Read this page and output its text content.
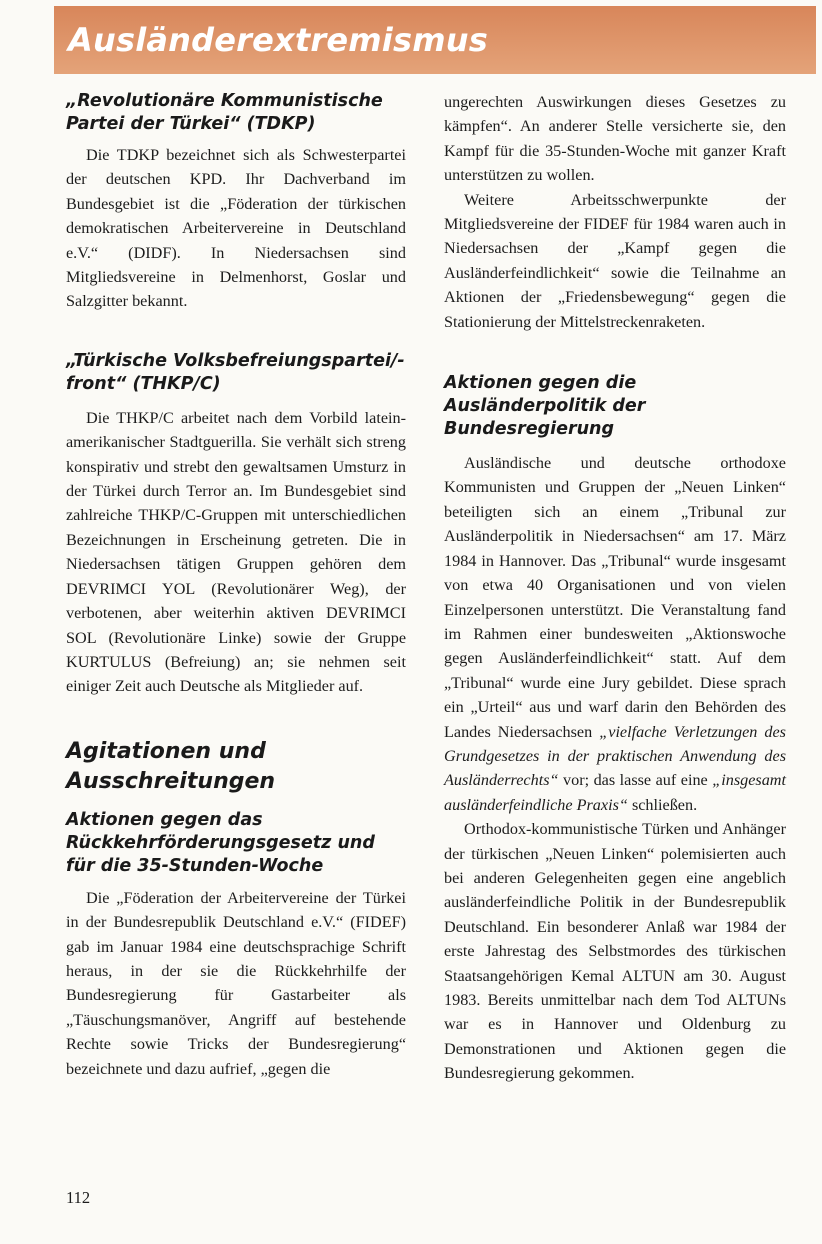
Ausländerextremismus
„Revolutionäre Kommunistische Partei der Türkei“ (TDKP)

Die TDKP bezeichnet sich als Schwesterpartei der deutschen KPD. Ihr Dachverband im Bundesgebiet ist die „Föderation der türkischen demokratischen Arbeitervereine in Deutschland e.V.“ (DIDF). In Niedersachsen sind Mitgliedsvereine in Delmenhorst, Goslar und Salzgitter bekannt.

„Türkische Volksbefreiungspartei/-front“ (THKP/C)

Die THKP/C arbeitet nach dem Vorbild latein-amerikanischer Stadtguerilla. Sie verhält sich streng konspirativ und strebt den gewaltsamen Umsturz in der Türkei durch Terror an. Im Bundesgebiet sind zahlreiche THKP/C-Gruppen mit unterschiedlichen Bezeichnungen in Erscheinung getreten. Die in Niedersachsen tätigen Gruppen gehören dem DEVRIMCI YOL (Revolutionärer Weg), der verbotenen, aber weiterhin aktiven DEVRIMCI SOL (Revolutionäre Linke) sowie der Gruppe KURTULUS (Befreiung) an; sie nehmen seit einiger Zeit auch Deutsche als Mitglieder auf.

Agitationen und Ausschreitungen
Aktionen gegen das Rückkehrförderungsgesetz und für die 35-Stunden-Woche

Die „Föderation der Arbeitervereine der Türkei in der Bundesrepublik Deutschland e.V.“ (FIDEF) gab im Januar 1984 eine deutschsprachige Schrift heraus, in der sie die Rückkehrhilfe der Bundesregierung für Gastarbeiter als „Täuschungsmanöver, Angriff auf bestehende Rechte sowie Tricks der Bundesregierung“ bezeichnete und dazu aufrief, „gegen die

ungerechten Auswirkungen dieses Gesetzes zu kämpfen“. An anderer Stelle versicherte sie, den Kampf für die 35-Stunden-Woche mit ganzer Kraft unterstützen zu wollen.

Weitere Arbeitsschwerpunkte der Mitgliedsvereine der FIDEF für 1984 waren auch in Niedersachsen der „Kampf gegen die Ausländerfeindlichkeit“ sowie die Teilnahme an Aktionen der „Friedensbewegung“ gegen die Stationierung der Mittelstreckenraketen.

Aktionen gegen die Ausländerpolitik der Bundesregierung

Ausländische und deutsche orthodoxe Kommunisten und Gruppen der „Neuen Linken“ beteiligten sich an einem „Tribunal zur Ausländerpolitik in Niedersachsen“ am 17. März 1984 in Hannover. Das „Tribunal“ wurde insgesamt von etwa 40 Organisationen und von vielen Einzelpersonen unterstützt. Die Veranstaltung fand im Rahmen einer bundesweiten „Aktionswoche gegen Ausländerfeindlichkeit“ statt. Auf dem „Tribunal“ wurde eine Jury gebildet. Diese sprach ein „Urteil“ aus und warf darin den Behörden des Landes Niedersachsen „vielfache Verletzungen des Grundgesetzes in der praktischen Anwendung des Ausländerrechts“ vor; das lasse auf eine „insgesamt ausländerfeindliche Praxis“ schließen.

Orthodox-kommunistische Türken und Anhänger der türkischen „Neuen Linken“ polemisierten auch bei anderen Gelegenheiten gegen eine angeblich ausländerfeindliche Politik in der Bundesrepublik Deutschland. Ein besonderer Anlaß war 1984 der erste Jahrestag des Selbstmordes des türkischen Staatsangehörigen Kemal ALTUN am 30. August 1983. Bereits unmittelbar nach dem Tod ALTUNs war es in Hannover und Oldenburg zu Demonstrationen und Aktionen gegen die Bundesregierung gekommen.

112
